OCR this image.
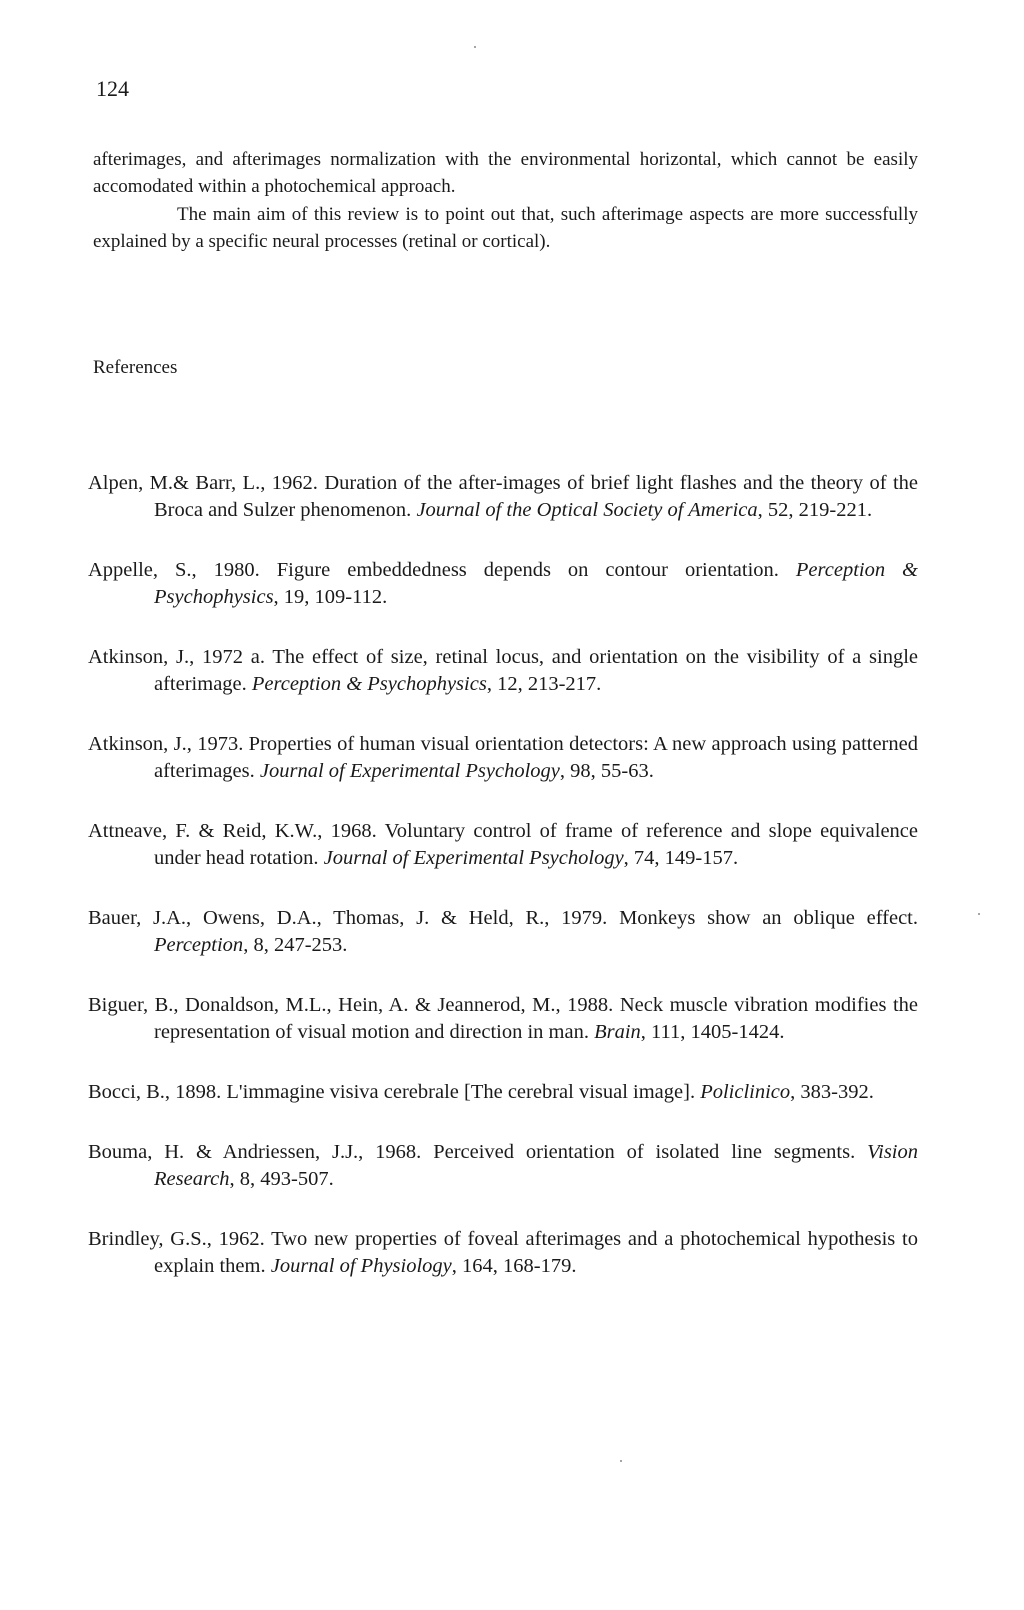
124

afterimages, and afterimages normalization with the environmental horizontal, which cannot be easily accomodated within a photochemical approach.

The main aim of this review is to point out that, such afterimage aspects are more successfully explained by a specific neural processes (retinal or cortical).

References
Alpen, M.& Barr, L., 1962. Duration of the after-images of brief light flashes and the theory of the Broca and Sulzer phenomenon. Journal of the Optical Society of America, 52, 219-221.
Appelle, S., 1980. Figure embeddedness depends on contour orientation. Perception & Psychophysics, 19, 109-112.
Atkinson, J., 1972 a. The effect of size, retinal locus, and orientation on the visibility of a single afterimage. Perception & Psychophysics, 12, 213-217.
Atkinson, J., 1973. Properties of human visual orientation detectors: A new approach using patterned afterimages. Journal of Experimental Psychology, 98, 55-63.
Attneave, F. & Reid, K.W., 1968. Voluntary control of frame of reference and slope equivalence under head rotation. Journal of Experimental Psychology, 74, 149-157.
Bauer, J.A., Owens, D.A., Thomas, J. & Held, R., 1979. Monkeys show an oblique effect. Perception, 8, 247-253.
Biguer, B., Donaldson, M.L., Hein, A. & Jeannerod, M., 1988. Neck muscle vibration modifies the representation of visual motion and direction in man. Brain, 111, 1405-1424.
Bocci, B., 1898. L'immagine visiva cerebrale [The cerebral visual image]. Policlinico, 383-392.
Bouma, H. & Andriessen, J.J., 1968. Perceived orientation of isolated line segments. Vision Research, 8, 493-507.
Brindley, G.S., 1962. Two new properties of foveal afterimages and a photochemical hypothesis to explain them. Journal of Physiology, 164, 168-179.
